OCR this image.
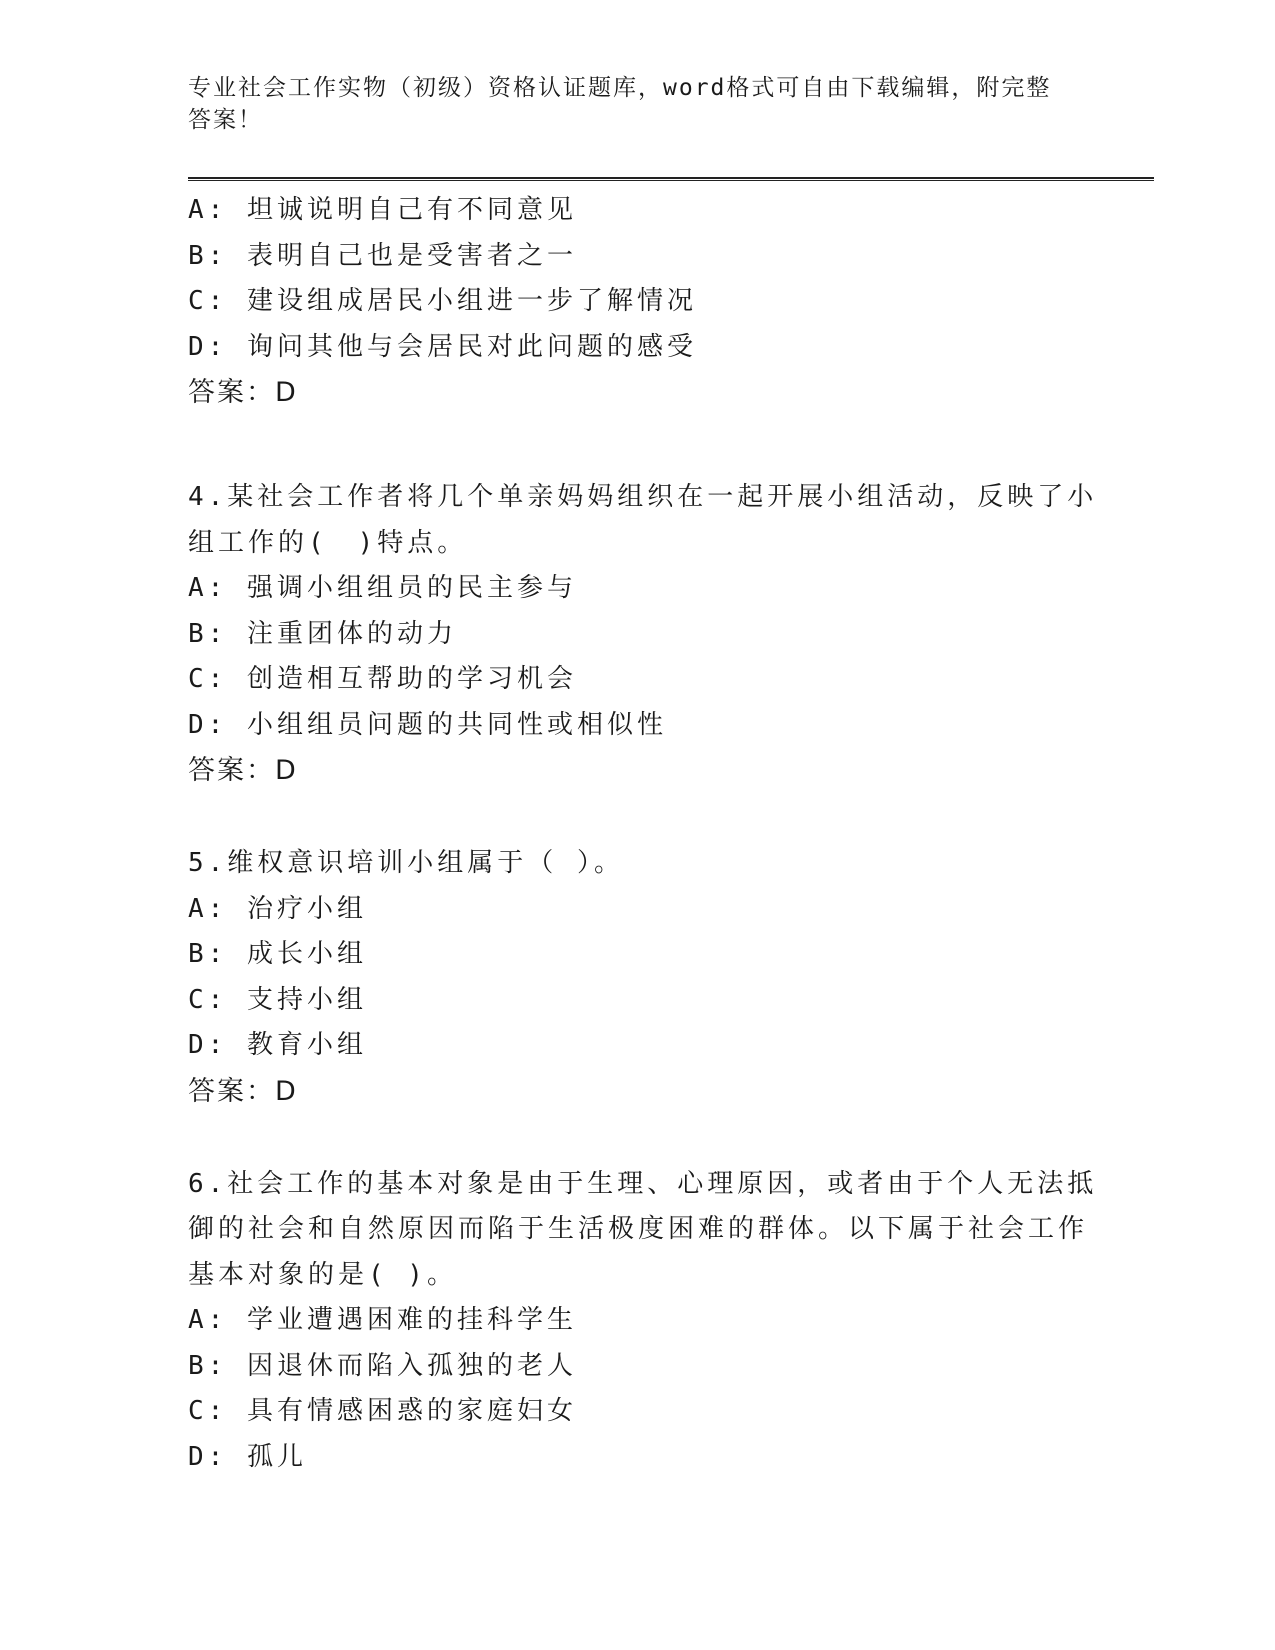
专业社会工作实物（初级）资格认证题库，word格式可自由下载编辑，附完整答案！
A: 坦诚说明自己有不同意见
B: 表明自己也是受害者之一
C: 建设组成居民小组进一步了解情况
D: 询问其他与会居民对此问题的感受
答案：D
4.某社会工作者将几个单亲妈妈组织在一起开展小组活动，反映了小
组工作的(　)特点。
A: 强调小组组员的民主参与
B: 注重团体的动力
C: 创造相互帮助的学习机会
D: 小组组员问题的共同性或相似性
答案：D
5.维权意识培训小组属于（ ）。
A: 治疗小组
B: 成长小组
C: 支持小组
D: 教育小组
答案：D
6.社会工作的基本对象是由于生理、心理原因，或者由于个人无法抵
御的社会和自然原因而陷于生活极度困难的群体。以下属于社会工作
基本对象的是( )。
A: 学业遭遇困难的挂科学生
B: 因退休而陷入孤独的老人
C: 具有情感困惑的家庭妇女
D: 孤儿
